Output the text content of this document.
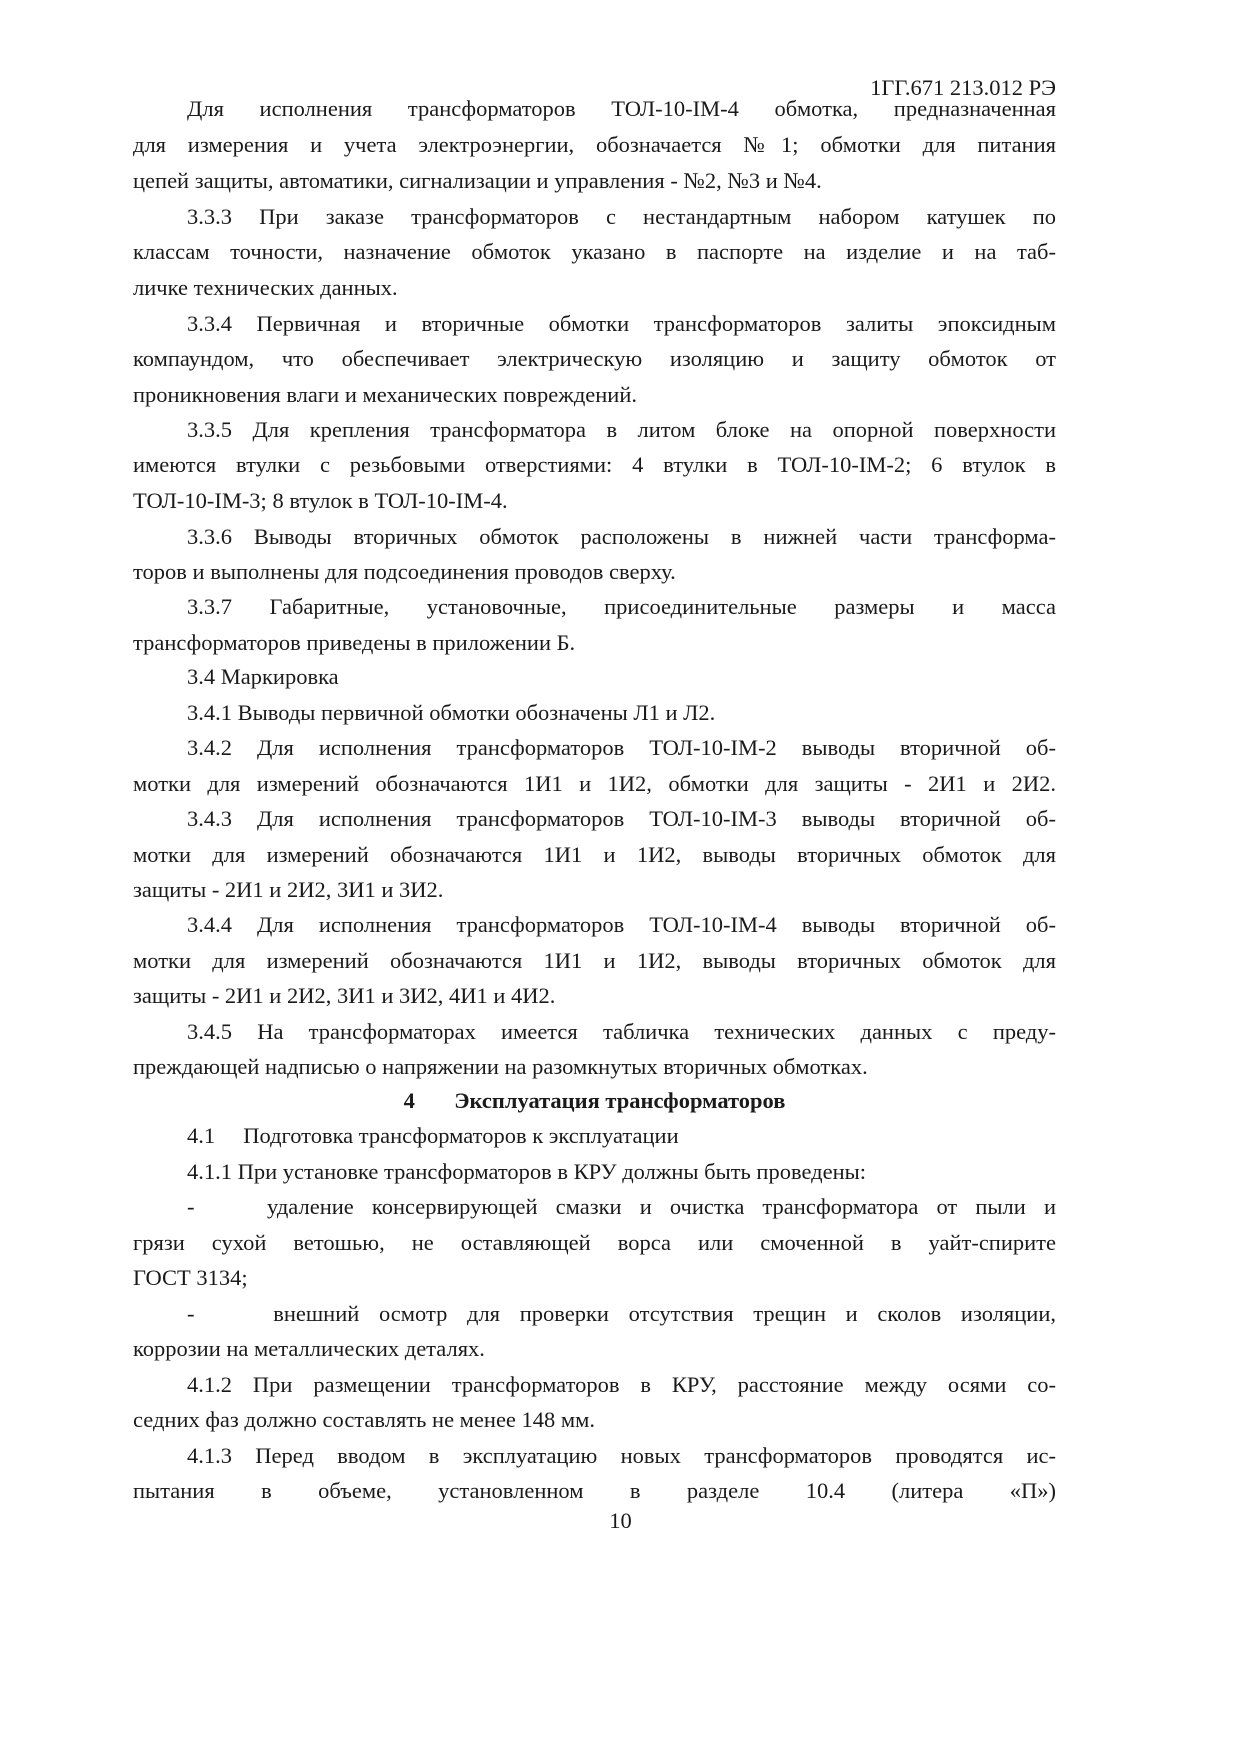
1ГГ.671 213.012 РЭ
Для исполнения трансформаторов ТОЛ-10-IM-4 обмотка, предназначенная
для измерения и учета электроэнергии, обозначается №1; обмотки для питания
цепей защиты, автоматики, сигнализации и управления - №2, №3 и №4.
3.3.3 При заказе трансформаторов с нестандартным набором катушек по
классам точности, назначение обмоток указано в паспорте на изделие и на таб-
личке технических данных.
3.3.4 Первичная и вторичные обмотки трансформаторов залиты эпоксидным
компаундом, что обеспечивает электрическую изоляцию и защиту обмоток от
проникновения влаги и механических повреждений.
3.3.5 Для крепления трансформатора в литом блоке на опорной поверхности
имеются втулки с резьбовыми отверстиями: 4 втулки в ТОЛ-10-IM-2; 6 втулок в
ТОЛ-10-IM-3; 8 втулок в ТОЛ-10-IM-4.
3.3.6 Выводы вторичных обмоток расположены в нижней части трансформа-
торов и выполнены для подсоединения проводов сверху.
3.3.7 Габаритные, установочные, присоединительные размеры и масса
трансформаторов приведены в приложении Б.
3.4 Маркировка
3.4.1 Выводы первичной обмотки обозначены Л1 и Л2.
3.4.2 Для исполнения трансформаторов ТОЛ-10-IM-2 выводы вторичной об-
мотки для измерений обозначаются 1И1 и 1И2, обмотки для защиты - 2И1 и 2И2.
3.4.3 Для исполнения трансформаторов ТОЛ-10-IM-3 выводы вторичной об-
мотки для измерений обозначаются 1И1 и 1И2, выводы вторичных обмоток для
защиты - 2И1 и 2И2, 3И1 и 3И2.
3.4.4 Для исполнения трансформаторов ТОЛ-10-IM-4 выводы вторичной об-
мотки для измерений обозначаются 1И1 и 1И2, выводы вторичных обмоток для
защиты - 2И1 и 2И2, 3И1 и 3И2, 4И1 и 4И2.
3.4.5 На трансформаторах имеется табличка технических данных с преду-
преждающей надписью о напряжении на разомкнутых вторичных обмотках.
4       Эксплуатация трансформаторов
4.1     Подготовка трансформаторов к эксплуатации
4.1.1 При установке трансформаторов в КРУ должны быть проведены:
-    удаление консервирующей смазки и очистка трансформатора от пыли и
грязи сухой ветошью, не оставляющей ворса или смоченной в уайт-спирите
ГОСТ 3134;
-    внешний осмотр для проверки отсутствия трещин и сколов изоляции,
коррозии на металлических деталях.
4.1.2 При размещении трансформаторов в КРУ, расстояние между осями со-
седних фаз должно составлять не менее 148 мм.
4.1.3 Перед вводом в эксплуатацию новых трансформаторов проводятся ис-
пытания в объеме, установленном в разделе 10.4 (литера «П»)
10
